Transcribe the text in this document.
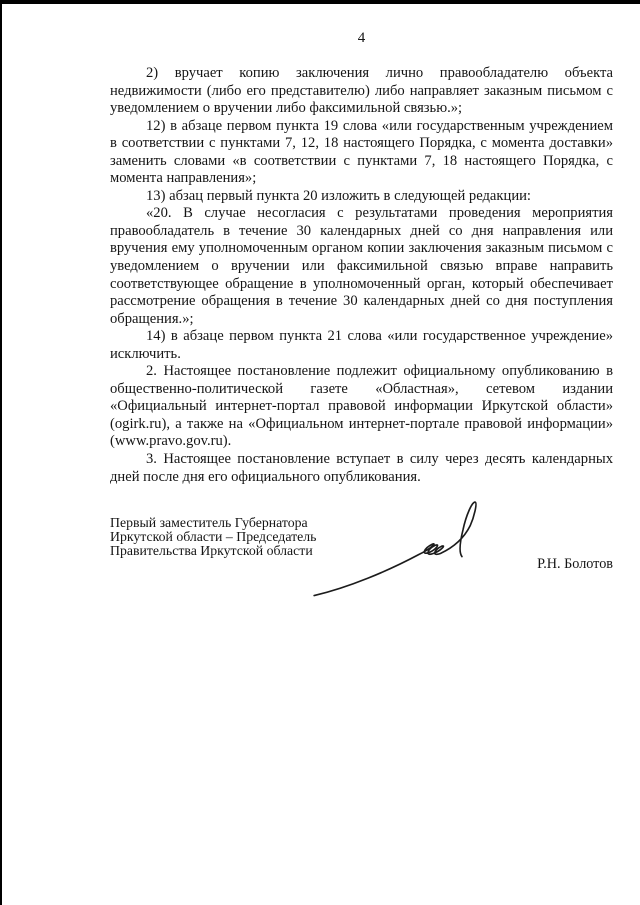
4

2) вручает копию заключения лично правообладателю объекта недвижимости (либо его представителю) либо направляет заказным письмом с уведомлением о вручении либо факсимильной связью.»;

12) в абзаце первом пункта 19 слова «или государственным учреждением в соответствии с пунктами 7, 12, 18 настоящего Порядка, с момента доставки» заменить словами «в соответствии с пунктами 7, 18 настоящего Порядка, с момента направления»;

13) абзац первый пункта 20 изложить в следующей редакции:

«20. В случае несогласия с результатами проведения мероприятия правообладатель в течение 30 календарных дней со дня направления или вручения ему уполномоченным органом копии заключения заказным письмом с уведомлением о вручении или факсимильной связью вправе направить соответствующее обращение в уполномоченный орган, который обеспечивает рассмотрение обращения в течение 30 календарных дней со дня поступления обращения.»;

14) в абзаце первом пункта 21 слова «или государственное учреждение» исключить.

2. Настоящее постановление подлежит официальному опубликованию в общественно-политической газете «Областная», сетевом издании «Официальный интернет-портал правовой информации Иркутской области» (ogirk.ru), а также на «Официальном интернет-портале правовой информации» (www.pravo.gov.ru).

3. Настоящее постановление вступает в силу через десять календарных дней после дня его официального опубликования.

Первый заместитель Губернатора
Иркутской области – Председатель
Правительства Иркутской области
Р.Н. Болотов
